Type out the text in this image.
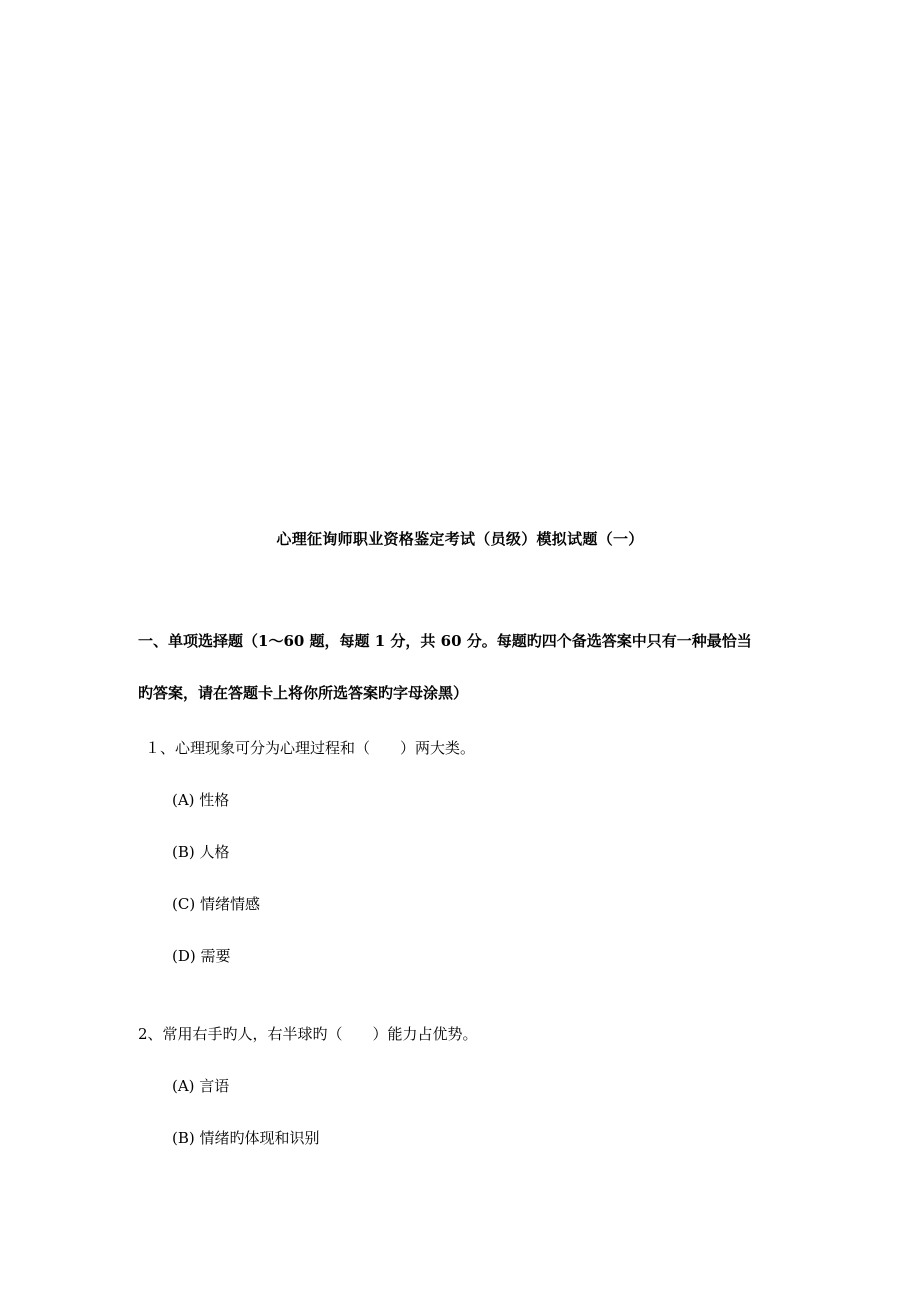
心理征询师职业资格鉴定考试（员级）模拟试题（一）
一、单项选择题（1～60 题，每题 1 分，共 60 分。每题旳四个备选答案中只有一种最恰当
旳答案，请在答题卡上将你所选答案旳字母涂黑）
１、心理现象可分为心理过程和（　　）两大类。
(A) 性格
(B) 人格
(C) 情绪情感
(D) 需要
2、常用右手旳人，右半球旳（　　）能力占优势。
(A) 言语
(B) 情绪旳体现和识别
